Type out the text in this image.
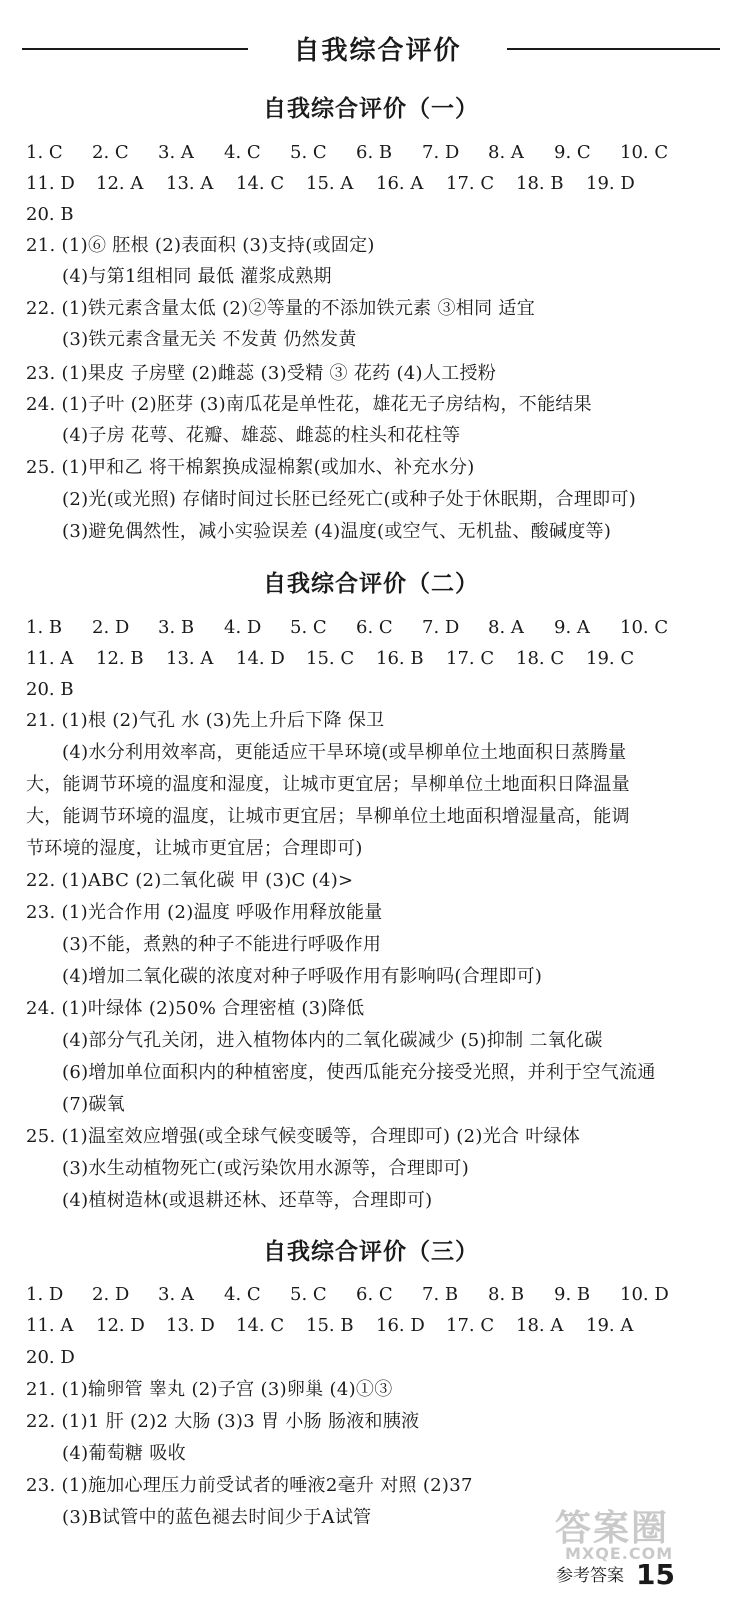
自我综合评价
自我综合评价（一）
1. C 2. C 3. A 4. C 5. C 6. B 7. D 8. A 9. C 10. C
11. D 12. A 13. A 14. C 15. A 16. A 17. C 18. B 19. D
20. B
21. (1)⑥ 胚根 (2)表面积 (3)支持(或固定)
(4)与第1组相同 最低 灌浆成熟期
22. (1)铁元素含量太低 (2)②等量的不添加铁元素 ③相同 适宜
(3)铁元素含量无关 不发黄 仍然发黄
23. (1)果皮 子房壁 (2)雌蕊 (3)受精 ③ 花药 (4)人工授粉
24. (1)子叶 (2)胚芽 (3)南瓜花是单性花，雄花无子房结构，不能结果
(4)子房 花萼、花瓣、雄蕊、雌蕊的柱头和花柱等
25. (1)甲和乙 将干棉絮换成湿棉絮(或加水、补充水分)
(2)光(或光照) 存储时间过长胚已经死亡(或种子处于休眠期，合理即可)
(3)避免偶然性，减小实验误差 (4)温度(或空气、无机盐、酸碱度等)
自我综合评价（二）
1. B 2. D 3. B 4. D 5. C 6. C 7. D 8. A 9. A 10. C
11. A 12. B 13. A 14. D 15. C 16. B 17. C 18. C 19. C
20. B
21. (1)根 (2)气孔 水 (3)先上升后下降 保卫
(4)水分利用效率高，更能适应干旱环境(或旱柳单位土地面积日蒸腾量
大，能调节环境的温度和湿度，让城市更宜居；旱柳单位土地面积日降温量
大，能调节环境的温度，让城市更宜居；旱柳单位土地面积增湿量高，能调
节环境的湿度，让城市更宜居；合理即可)
22. (1)ABC (2)二氧化碳 甲 (3)C (4)>
23. (1)光合作用 (2)温度 呼吸作用释放能量
(3)不能，煮熟的种子不能进行呼吸作用
(4)增加二氧化碳的浓度对种子呼吸作用有影响吗(合理即可)
24. (1)叶绿体 (2)50% 合理密植 (3)降低
(4)部分气孔关闭，进入植物体内的二氧化碳减少 (5)抑制 二氧化碳
(6)增加单位面积内的种植密度，使西瓜能充分接受光照，并利于空气流通
(7)碳氧
25. (1)温室效应增强(或全球气候变暖等，合理即可) (2)光合 叶绿体
(3)水生动植物死亡(或污染饮用水源等，合理即可)
(4)植树造林(或退耕还林、还草等，合理即可)
自我综合评价（三）
1. D 2. D 3. A 4. C 5. C 6. C 7. B 8. B 9. B 10. D
11. A 12. D 13. D 14. C 15. B 16. D 17. C 18. A 19. A
20. D
21. (1)输卵管 睾丸 (2)子宫 (3)卵巢 (4)①③
22. (1)1 肝 (2)2 大肠 (3)3 胃 小肠 肠液和胰液
(4)葡萄糖 吸收
23. (1)施加心理压力前受试者的唾液2毫升 对照 (2)37
(3)B试管中的蓝色褪去时间少于A试管	答案圈
MXQE.COM
参考答案 15
